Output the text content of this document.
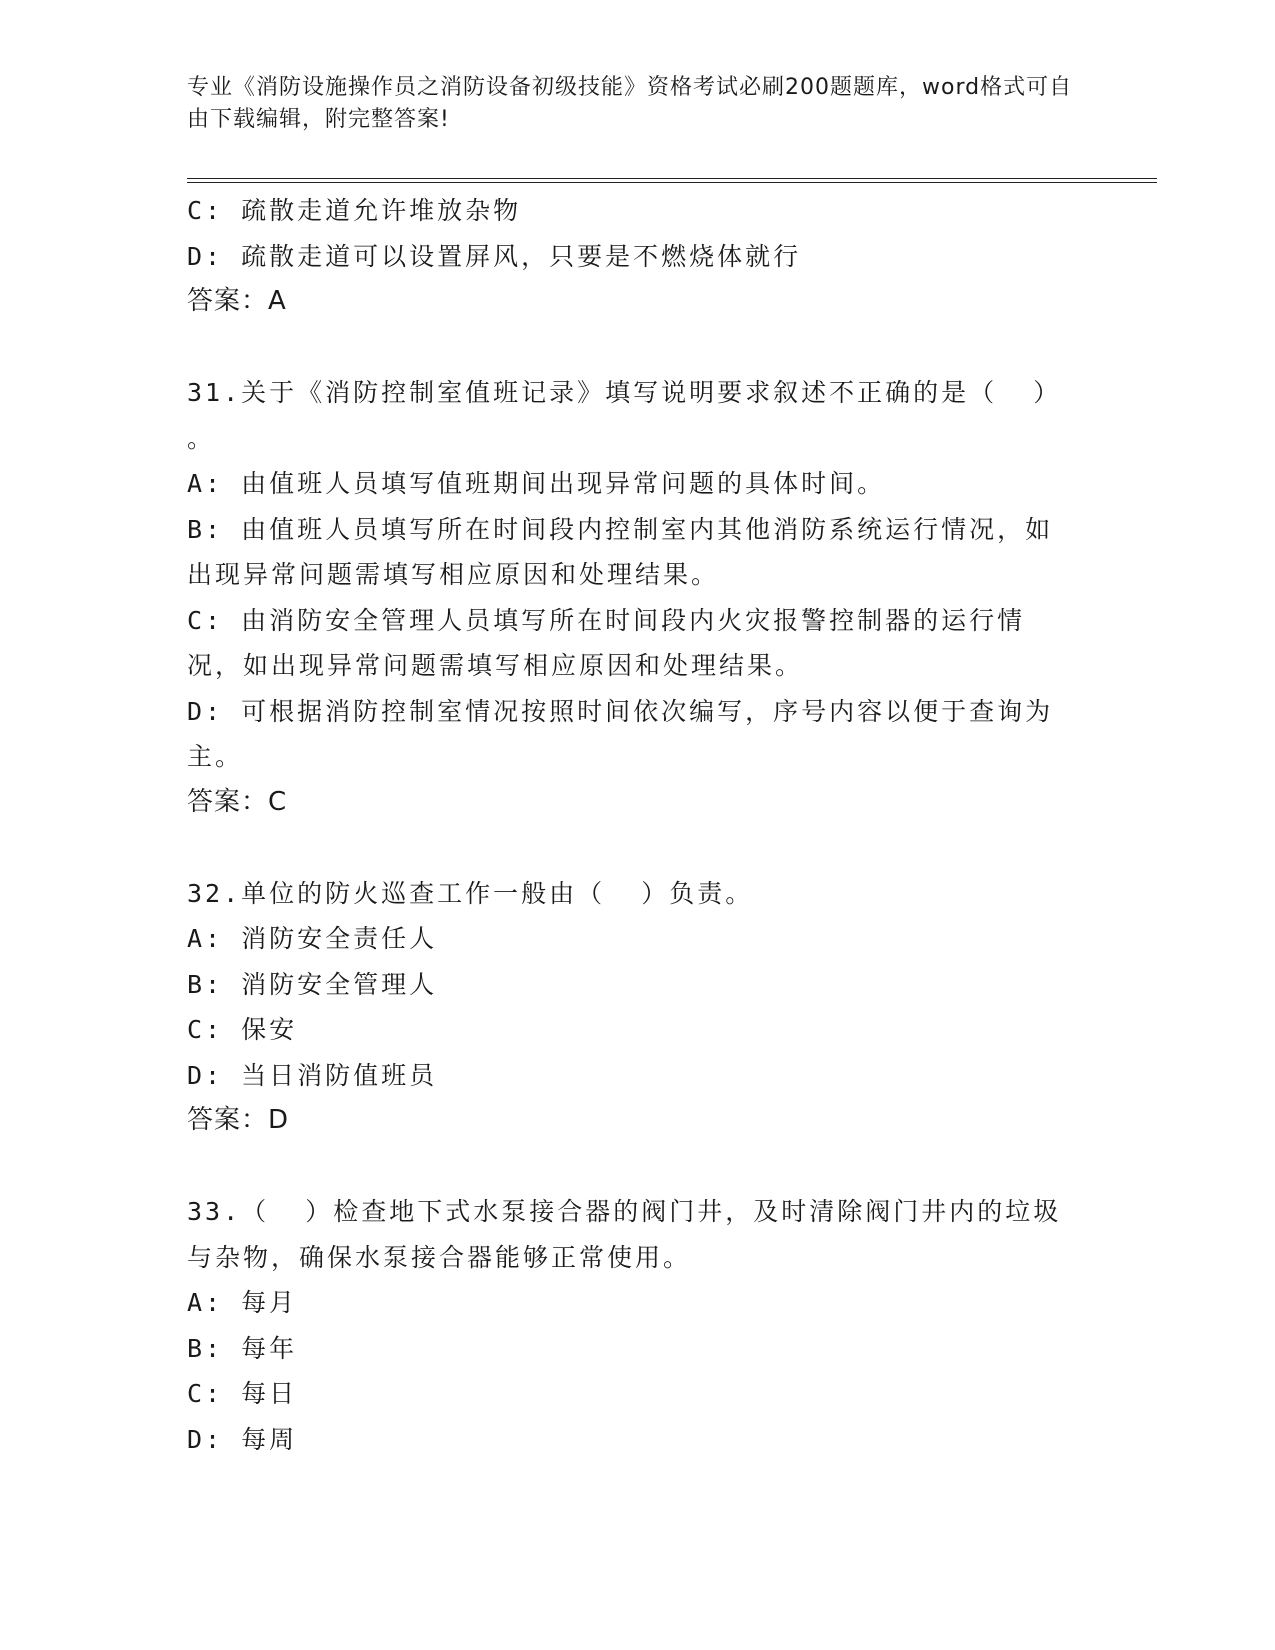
专业《消防设施操作员之消防设备初级技能》资格考试必刷200题题库，word格式可自由下载编辑，附完整答案!
C: 疏散走道允许堆放杂物
D: 疏散走道可以设置屏风，只要是不燃烧体就行
答案：A
31.关于《消防控制室值班记录》填写说明要求叙述不正确的是（  ）
。
A: 由值班人员填写值班期间出现异常问题的具体时间。
B: 由值班人员填写所在时间段内控制室内其他消防系统运行情况，如出现异常问题需填写相应原因和处理结果。
C: 由消防安全管理人员填写所在时间段内火灾报警控制器的运行情况，如出现异常问题需填写相应原因和处理结果。
D: 可根据消防控制室情况按照时间依次编写，序号内容以便于查询为主。
答案：C
32.单位的防火巡查工作一般由（  ）负责。
A: 消防安全责任人
B: 消防安全管理人
C: 保安
D: 当日消防值班员
答案：D
33.（  ）检查地下式水泵接合器的阀门井，及时清除阀门井内的垃圾与杂物，确保水泵接合器能够正常使用。
A: 每月
B: 每年
C: 每日
D: 每周
